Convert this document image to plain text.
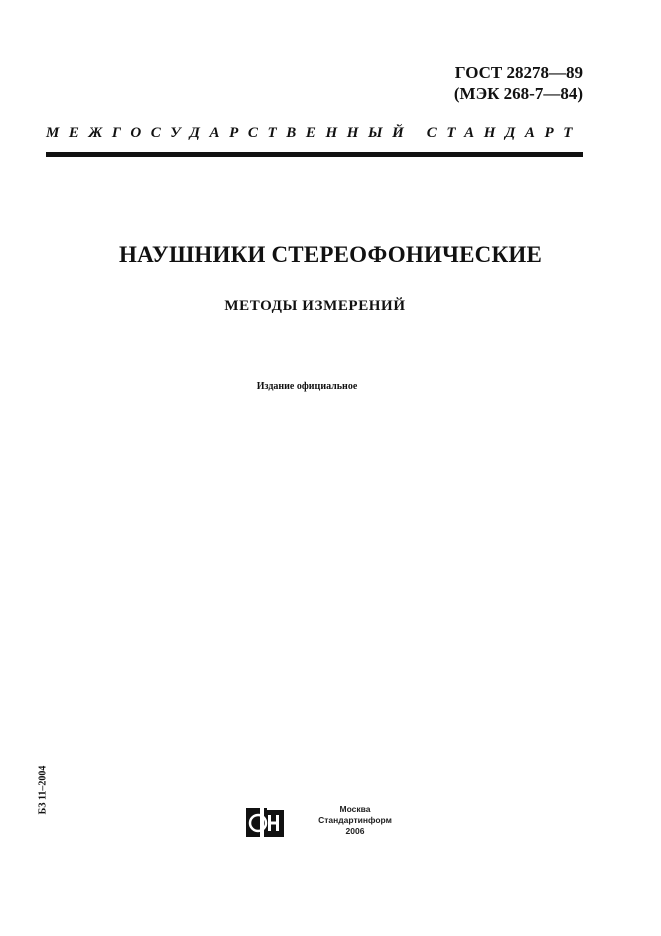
ГОСТ 28278—89
(МЭК 268-7—84)
МЕЖГОСУДАРСТВЕННЫЙ СТАНДАРТ
НАУШНИКИ СТЕРЕОФОНИЧЕСКИЕ
МЕТОДЫ ИЗМЕРЕНИЙ
Издание официальное
БЗ 11–2004	Москва
Стандартинформ
2006
